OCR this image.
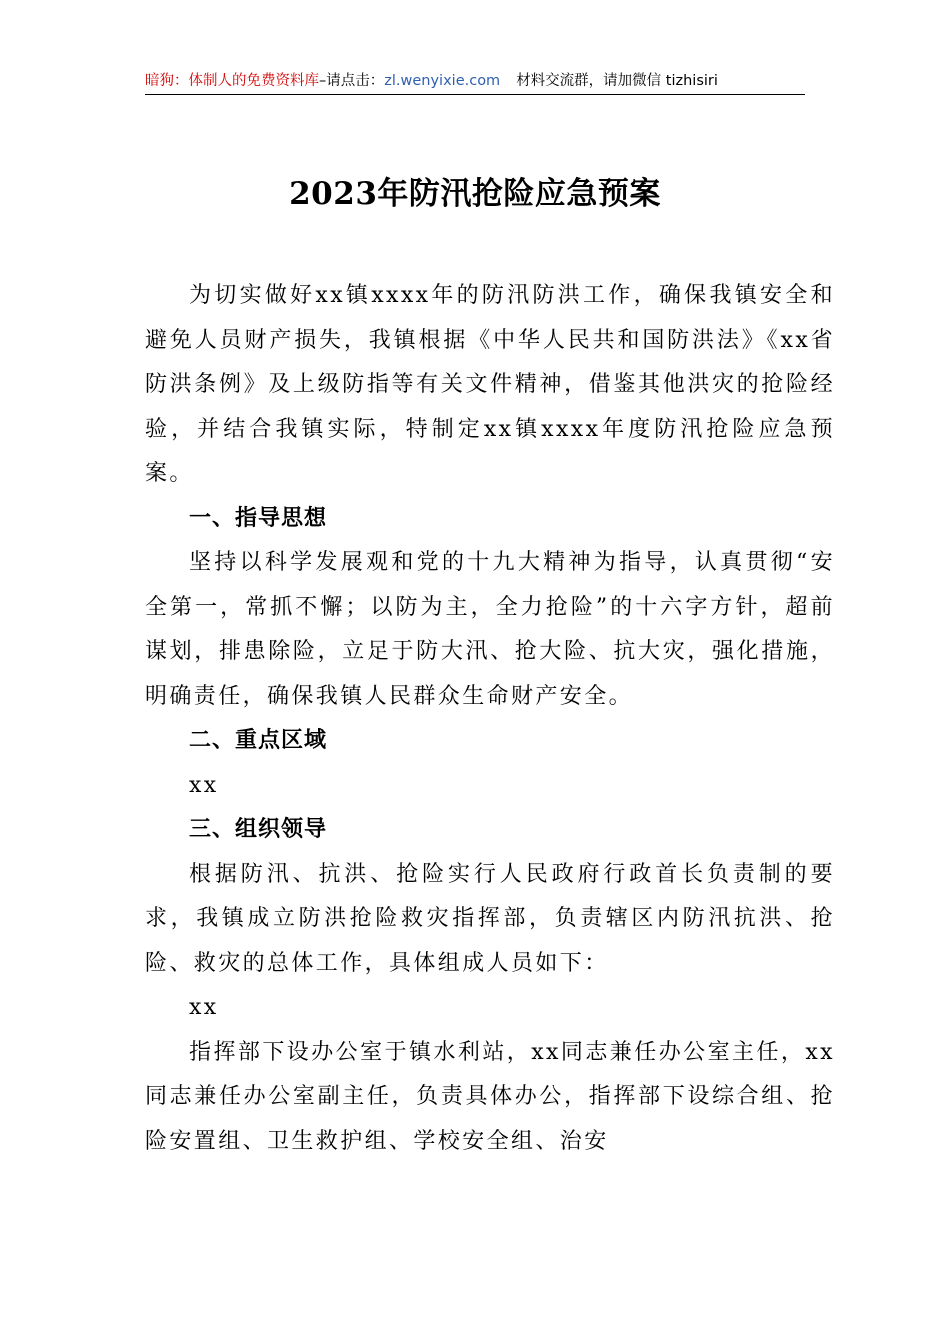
暗狗：体制人的免费资料库–请点击：zl.wenyixie.com 材料交流群，请加微信 tizhisiri
2023年防汛抢险应急预案

为切实做好xx镇xxxx年的防汛防洪工作，确保我镇安全和避免人员财产损失，我镇根据《中华人民共和国防洪法》《xx省防洪条例》及上级防指等有关文件精神，借鉴其他洪灾的抢险经验，并结合我镇实际，特制定xx镇xxxx年度防汛抢险应急预案。

一、指导思想

坚持以科学发展观和党的十九大精神为指导，认真贯彻“安全第一，常抓不懈；以防为主，全力抢险”的十六字方针，超前谋划，排患除险，立足于防大汛、抢大险、抗大灾，强化措施，明确责任，确保我镇人民群众生命财产安全。

二、重点区域

xx

三、组织领导

根据防汛、抗洪、抢险实行人民政府行政首长负责制的要求，我镇成立防洪抢险救灾指挥部，负责辖区内防汛抗洪、抢险、救灾的总体工作，具体组成人员如下：

xx

指挥部下设办公室于镇水利站，xx同志兼任办公室主任，xx同志兼任办公室副主任，负责具体办公，指挥部下设综合组、抢险安置组、卫生救护组、学校安全组、治安
